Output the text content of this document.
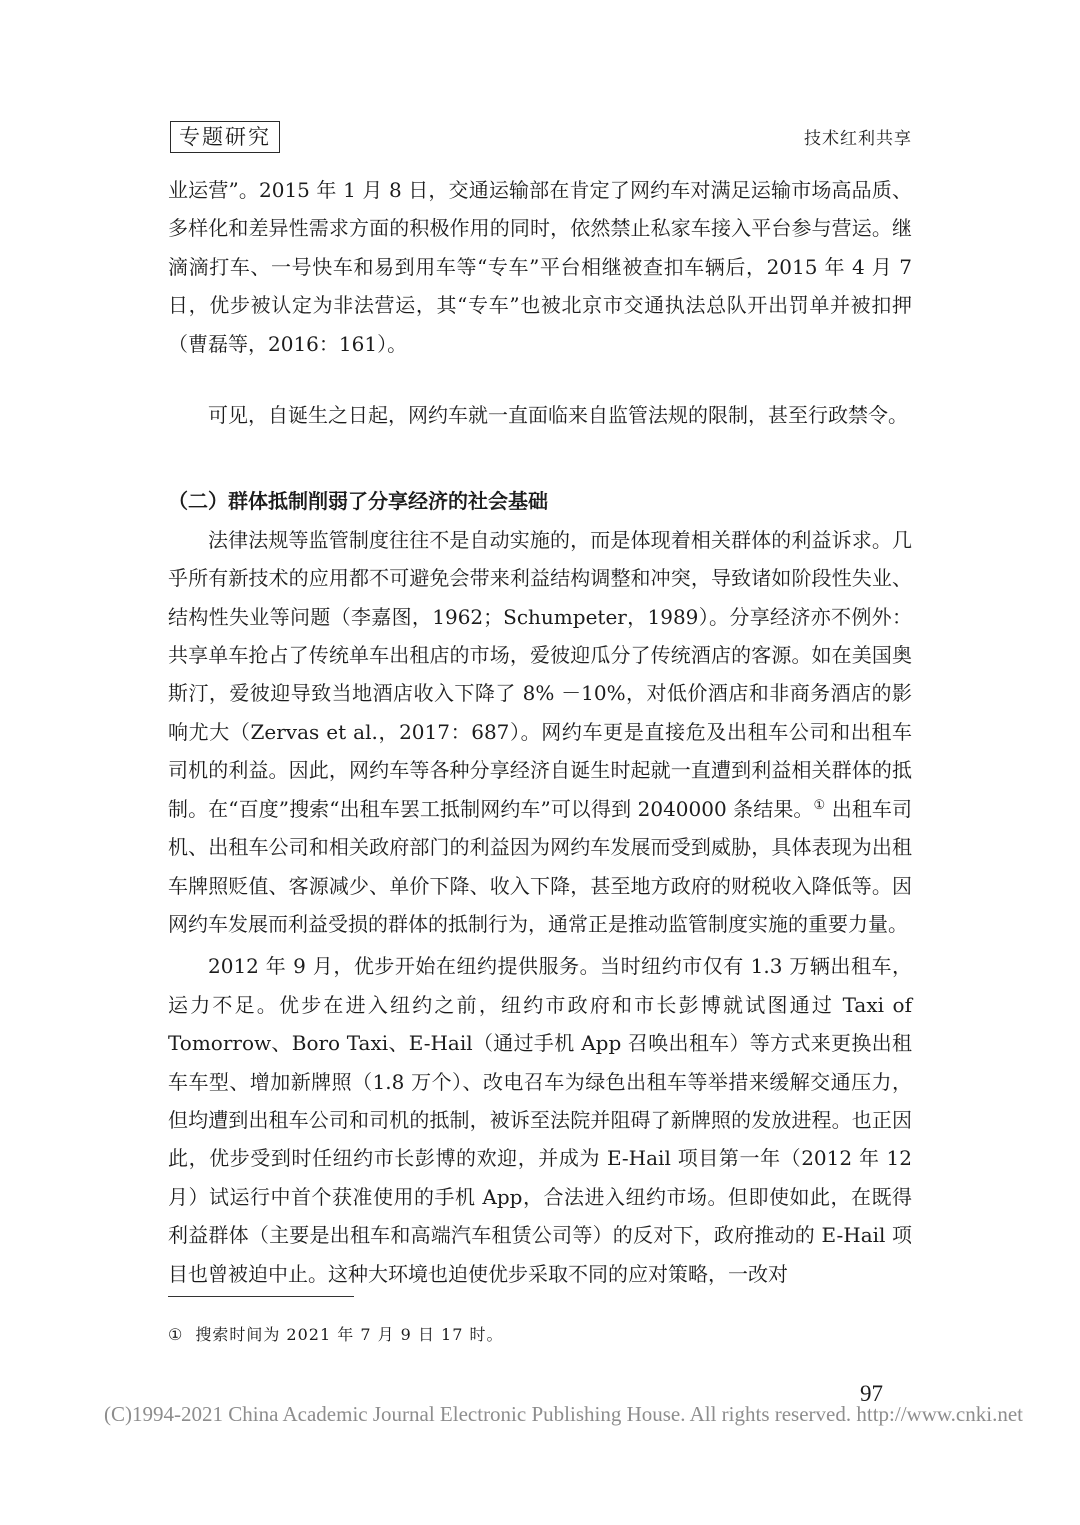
专题研究	技术红利共享

业运营”。2015 年 1 月 8 日，交通运输部在肯定了网约车对满足运输市场高品质、多样化和差异性需求方面的积极作用的同时，依然禁止私家车接入平台参与营运。继滴滴打车、一号快车和易到用车等“专车”平台相继被查扣车辆后，2015 年 4 月 7 日，优步被认定为非法营运，其“专车”也被北京市交通执法总队开出罚单并被扣押（曹磊等，2016：161）。

可见，自诞生之日起，网约车就一直面临来自监管法规的限制，甚至行政禁令。

（二）群体抵制削弱了分享经济的社会基础

法律法规等监管制度往往不是自动实施的，而是体现着相关群体的利益诉求。几乎所有新技术的应用都不可避免会带来利益结构调整和冲突，导致诸如阶段性失业、结构性失业等问题（李嘉图，1962；Schumpeter，1989）。分享经济亦不例外：共享单车抢占了传统单车出租店的市场，爱彼迎瓜分了传统酒店的客源。如在美国奥斯汀，爱彼迎导致当地酒店收入下降了 8% －10%，对低价酒店和非商务酒店的影响尤大（Zervas et al.，2017：687）。网约车更是直接危及出租车公司和出租车司机的利益。因此，网约车等各种分享经济自诞生时起就一直遭到利益相关群体的抵制。在“百度”搜索“出租车罢工抵制网约车”可以得到 2040000 条结果。① 出租车司机、出租车公司和相关政府部门的利益因为网约车发展而受到威胁，具体表现为出租车牌照贬值、客源减少、单价下降、收入下降，甚至地方政府的财税收入降低等。因网约车发展而利益受损的群体的抵制行为，通常正是推动监管制度实施的重要力量。

2012 年 9 月，优步开始在纽约提供服务。当时纽约市仅有 1.3 万辆出租车，运力不足。优步在进入纽约之前，纽约市政府和市长彭博就试图通过 Taxi of Tomorrow、Boro Taxi、E-Hail（通过手机 App 召唤出租车）等方式来更换出租车车型、增加新牌照（1.8 万个）、改电召车为绿色出租车等举措来缓解交通压力，但均遭到出租车公司和司机的抵制，被诉至法院并阻碍了新牌照的发放进程。也正因此，优步受到时任纽约市长彭博的欢迎，并成为 E-Hail 项目第一年（2012 年 12 月）试运行中首个获准使用的手机 App，合法进入纽约市场。但即使如此，在既得利益群体（主要是出租车和高端汽车租赁公司等）的反对下，政府推动的 E-Hail 项目也曾被迫中止。这种大环境也迫使优步采取不同的应对策略，一改对

① 搜索时间为 2021 年 7 月 9 日 17 时。
97
(C)1994-2021 China Academic Journal Electronic Publishing House. All rights reserved. http://www.cnki.net
